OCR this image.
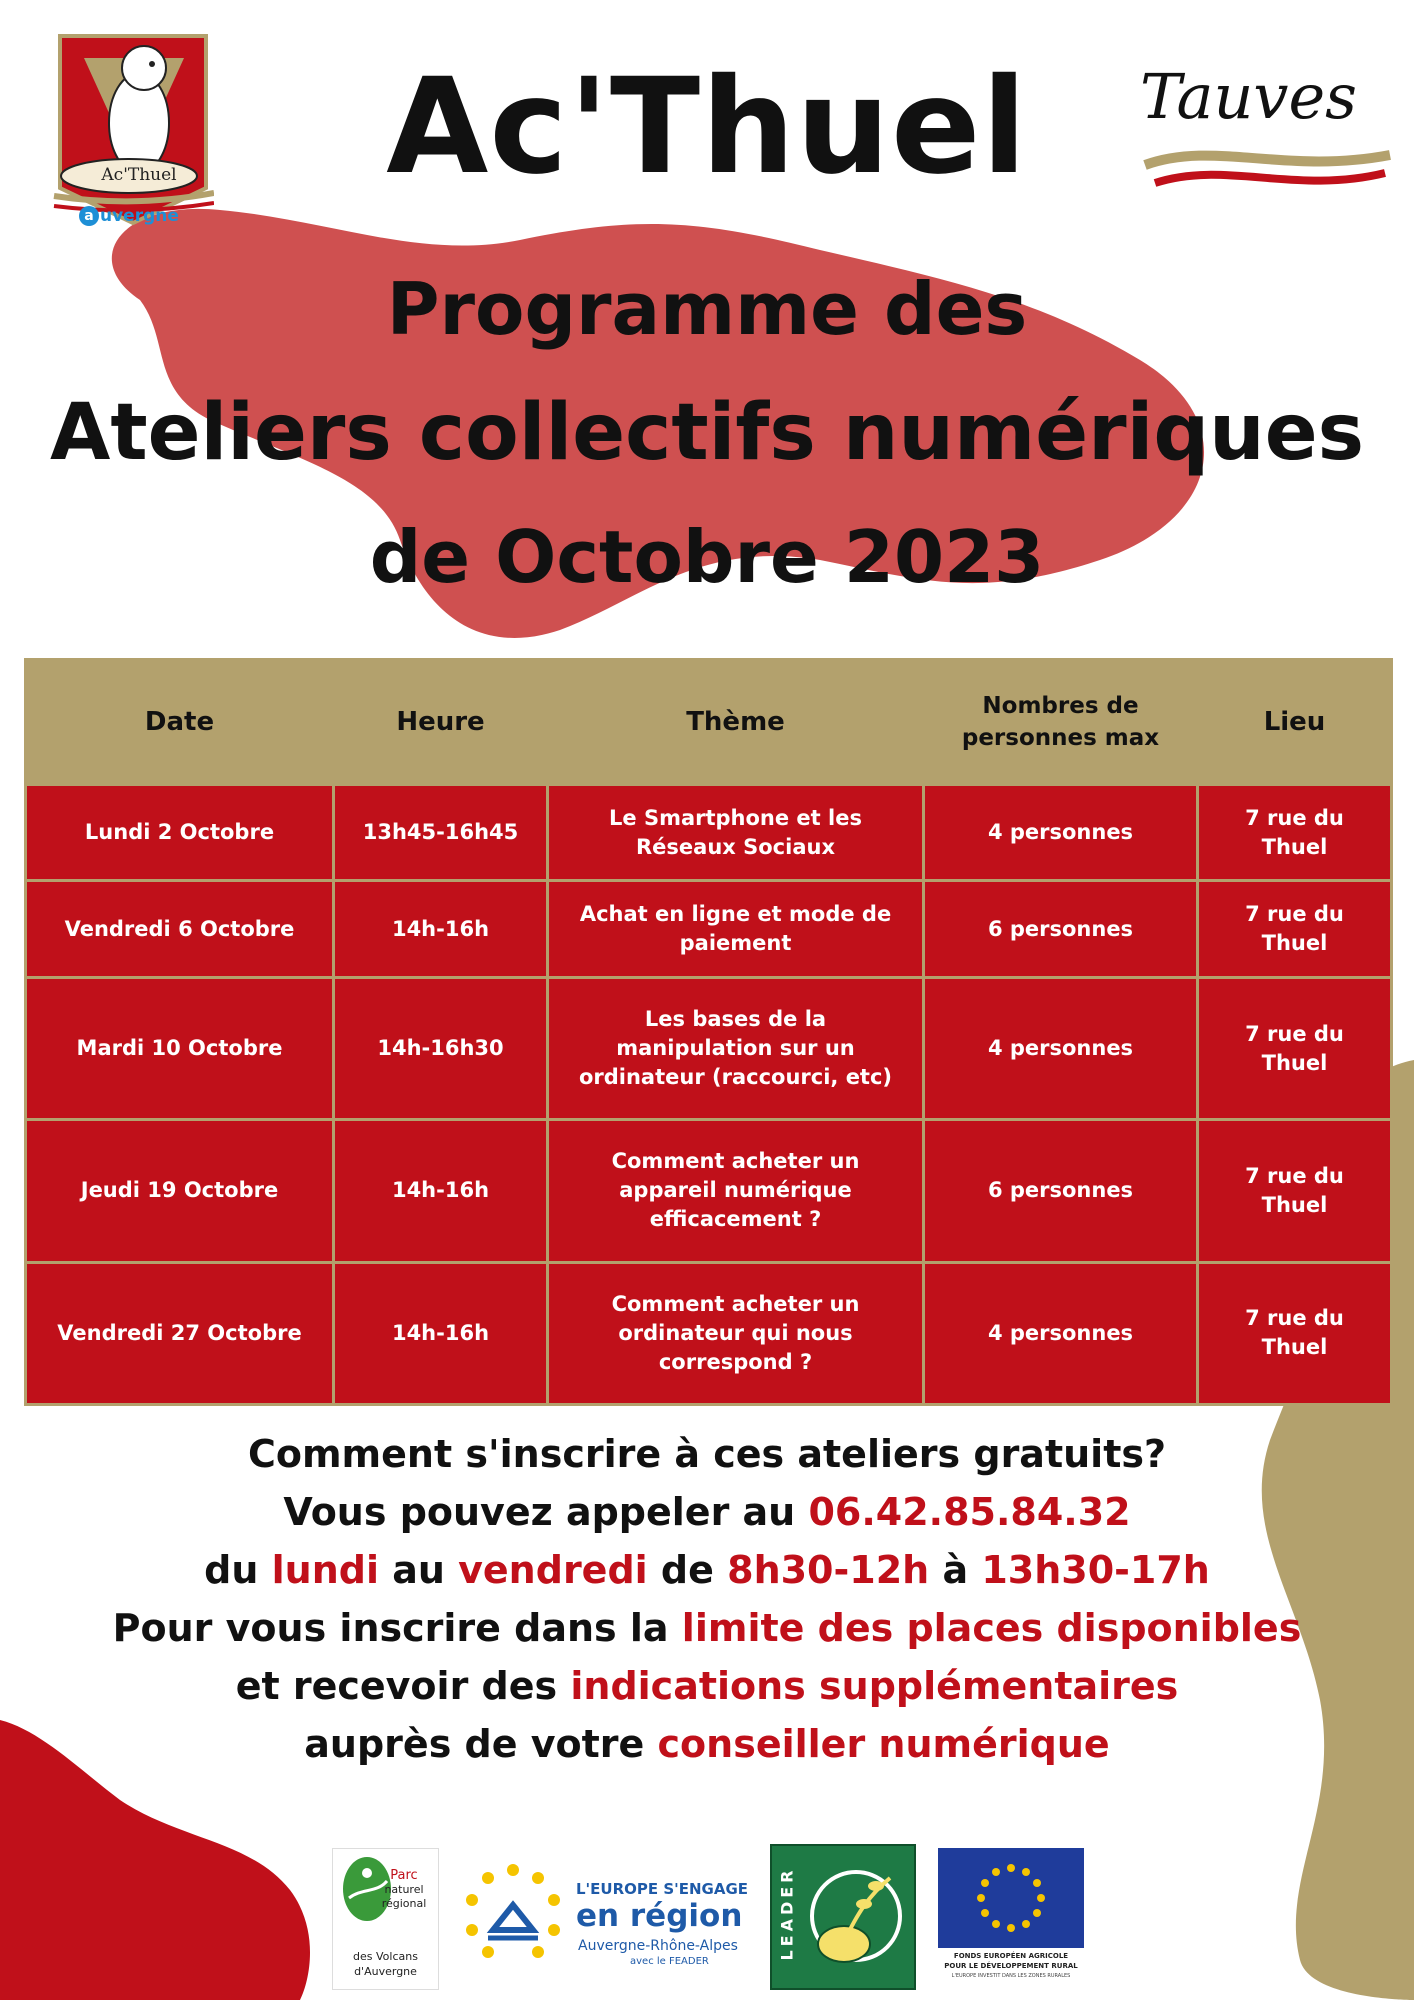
Ac'Thuel
a uvergne
Ac'Thuel	Tauves
Programme des
Ateliers collectifs numériques
de Octobre 2023
Date	Heure	Thème	Nombres de personnes max	Lieu
Lundi 2 Octobre	13h45-16h45	Le Smartphone et les Réseaux Sociaux	4 personnes	7 rue du Thuel
Vendredi 6 Octobre	14h-16h	Achat en ligne et mode de paiement	6 personnes	7 rue du Thuel
Mardi 10 Octobre	14h-16h30	Les bases de la manipulation sur un ordinateur (raccourci, etc)	4 personnes	7 rue du Thuel
Jeudi 19 Octobre	14h-16h	Comment acheter un appareil numérique efficacement ?	6 personnes	7 rue du Thuel
Vendredi 27 Octobre	14h-16h	Comment acheter un ordinateur qui nous correspond ?	4 personnes	7 rue du Thuel
Comment s'inscrire à ces ateliers gratuits?
Vous pouvez appeler au 06.42.85.84.32
du lundi au vendredi de 8h30-12h à 13h30-17h
Pour vous inscrire dans la limite des places disponibles
et recevoir des indications supplémentaires
auprès de votre conseiller numérique
Parc
naturel
régional
des Volcans
d'Auvergne
L'EUROPE S'ENGAGE
en région
Auvergne-Rhône-Alpes
avec le FEADER
LEADER	FONDS EUROPÉEN AGRICOLE
POUR LE DÉVELOPPEMENT RURAL
L'EUROPE INVESTIT DANS LES ZONES RURALES
